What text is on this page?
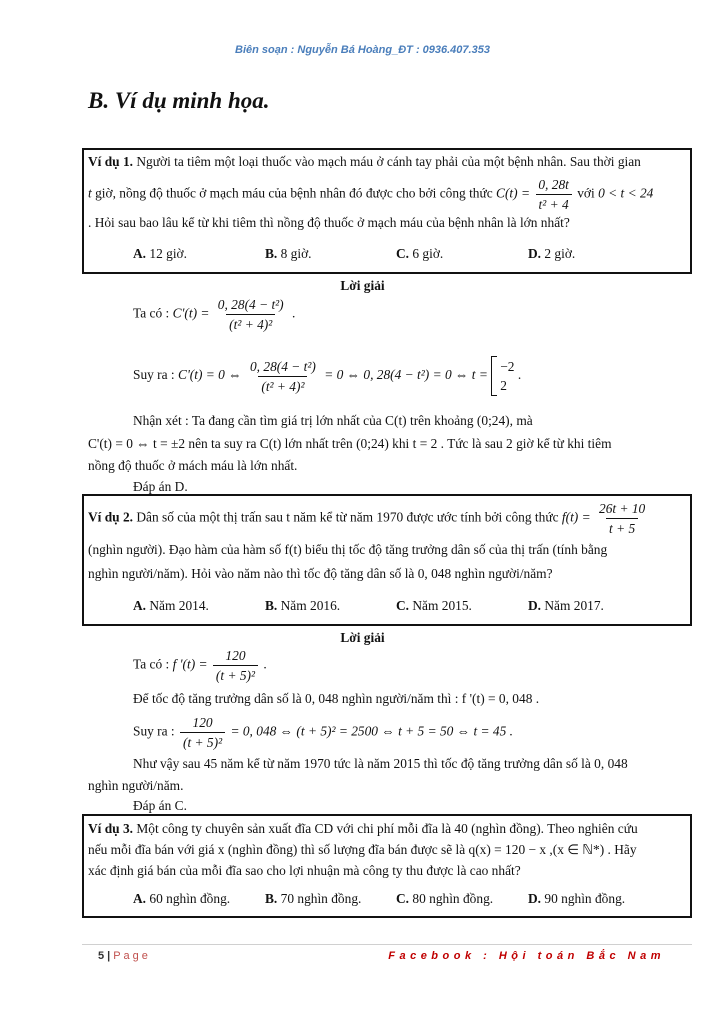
Biên soạn : Nguyễn Bá Hoàng_ĐT : 0936.407.353
B. Ví dụ minh họa.
Ví dụ 1. Người ta tiêm một loại thuốc vào mạch máu ở cánh tay phải của một bệnh nhân. Sau thời gian
t giờ, nồng độ thuốc ở mạch máu của bệnh nhân đó được cho bởi công thức $C(t) = \frac{0, 28t}{\text{t² + 4}}$ với 0 < t < 24
. Hỏi sau bao lâu kể từ khi tiêm thì nồng độ thuốc ở mạch máu của bệnh nhân là lớn nhất?
A. 12 giờ.	B. 8 giờ.	C. 6 giờ.	D. 2 giờ.
Lời giải
Ta có : $C'(t) = \frac{\text{0, 28(4 − t²)}}{\text{(t² + 4)²}}$ .
Suy ra : C'(t) = 0 ⇔ $\frac{\text{0, 28(4 − t²)}}{\text{(t² + 4)²}} = 0$ ⇔ 0, 28(4 − t²) = 0 ⇔ t =
−2
2
.
Nhận xét : Ta đang cần tìm giá trị lớn nhất của C(t) trên khoảng (0;24), mà
C'(t) = 0 ⇔ t = ±2 nên ta suy ra C(t) lớn nhất trên (0;24) khi t = 2 . Tức là sau 2 giờ kể từ khi tiêm
nồng độ thuốc ở mách máu là lớn nhất.
Đáp án D.
Ví dụ 2. Dân số của một thị trấn sau t năm kể từ năm 1970 được ước tính bởi công thức $f(t) = \frac{26t + 10}{t + 5}$
(nghìn người). Đạo hàm của hàm số f(t) biểu thị tốc độ tăng trưởng dân số của thị trấn (tính bằng
nghìn người/năm). Hỏi vào năm nào thì tốc độ tăng dân số là 0, 048 nghìn người/năm?
A. Năm 2014.	B. Năm 2016.	C. Năm 2015.	D. Năm 2017.
Lời giải
Ta có : f '$(t) = \frac{120}{\text{(t + 5)²}}$ .
Để tốc độ tăng trưởng dân số là 0, 048 nghìn người/năm thì : f '(t) = 0, 048 .
Suy ra : $\frac{120}{\text{(t + 5)²}} = 0$, 048 ⇔ (t + 5)² = 2500 ⇔ t + 5 = 50 ⇔ t = 45 .
Như vậy sau 45 năm kể từ năm 1970 tức là năm 2015 thì tốc độ tăng trưởng dân số là 0, 048
nghìn người/năm.
Đáp án C.
Ví dụ 3. Một công ty chuyên sản xuất đĩa CD với chi phí mỗi đĩa là 40 (nghìn đồng). Theo nghiên cứu
nếu mỗi đĩa bán với giá x (nghìn đồng) thì số lượng đĩa bán được sẽ là q(x) = 120 − x ,(x ∈ ℕ*) . Hãy
xác định giá bán của mỗi đĩa sao cho lợi nhuận mà công ty thu được là cao nhất?
A. 60 nghìn đồng.	B. 70 nghìn đồng.	C. 80 nghìn đồng.	D. 90 nghìn đồng.
5 | Page	Facebook : Hội toán Bắc Nam
